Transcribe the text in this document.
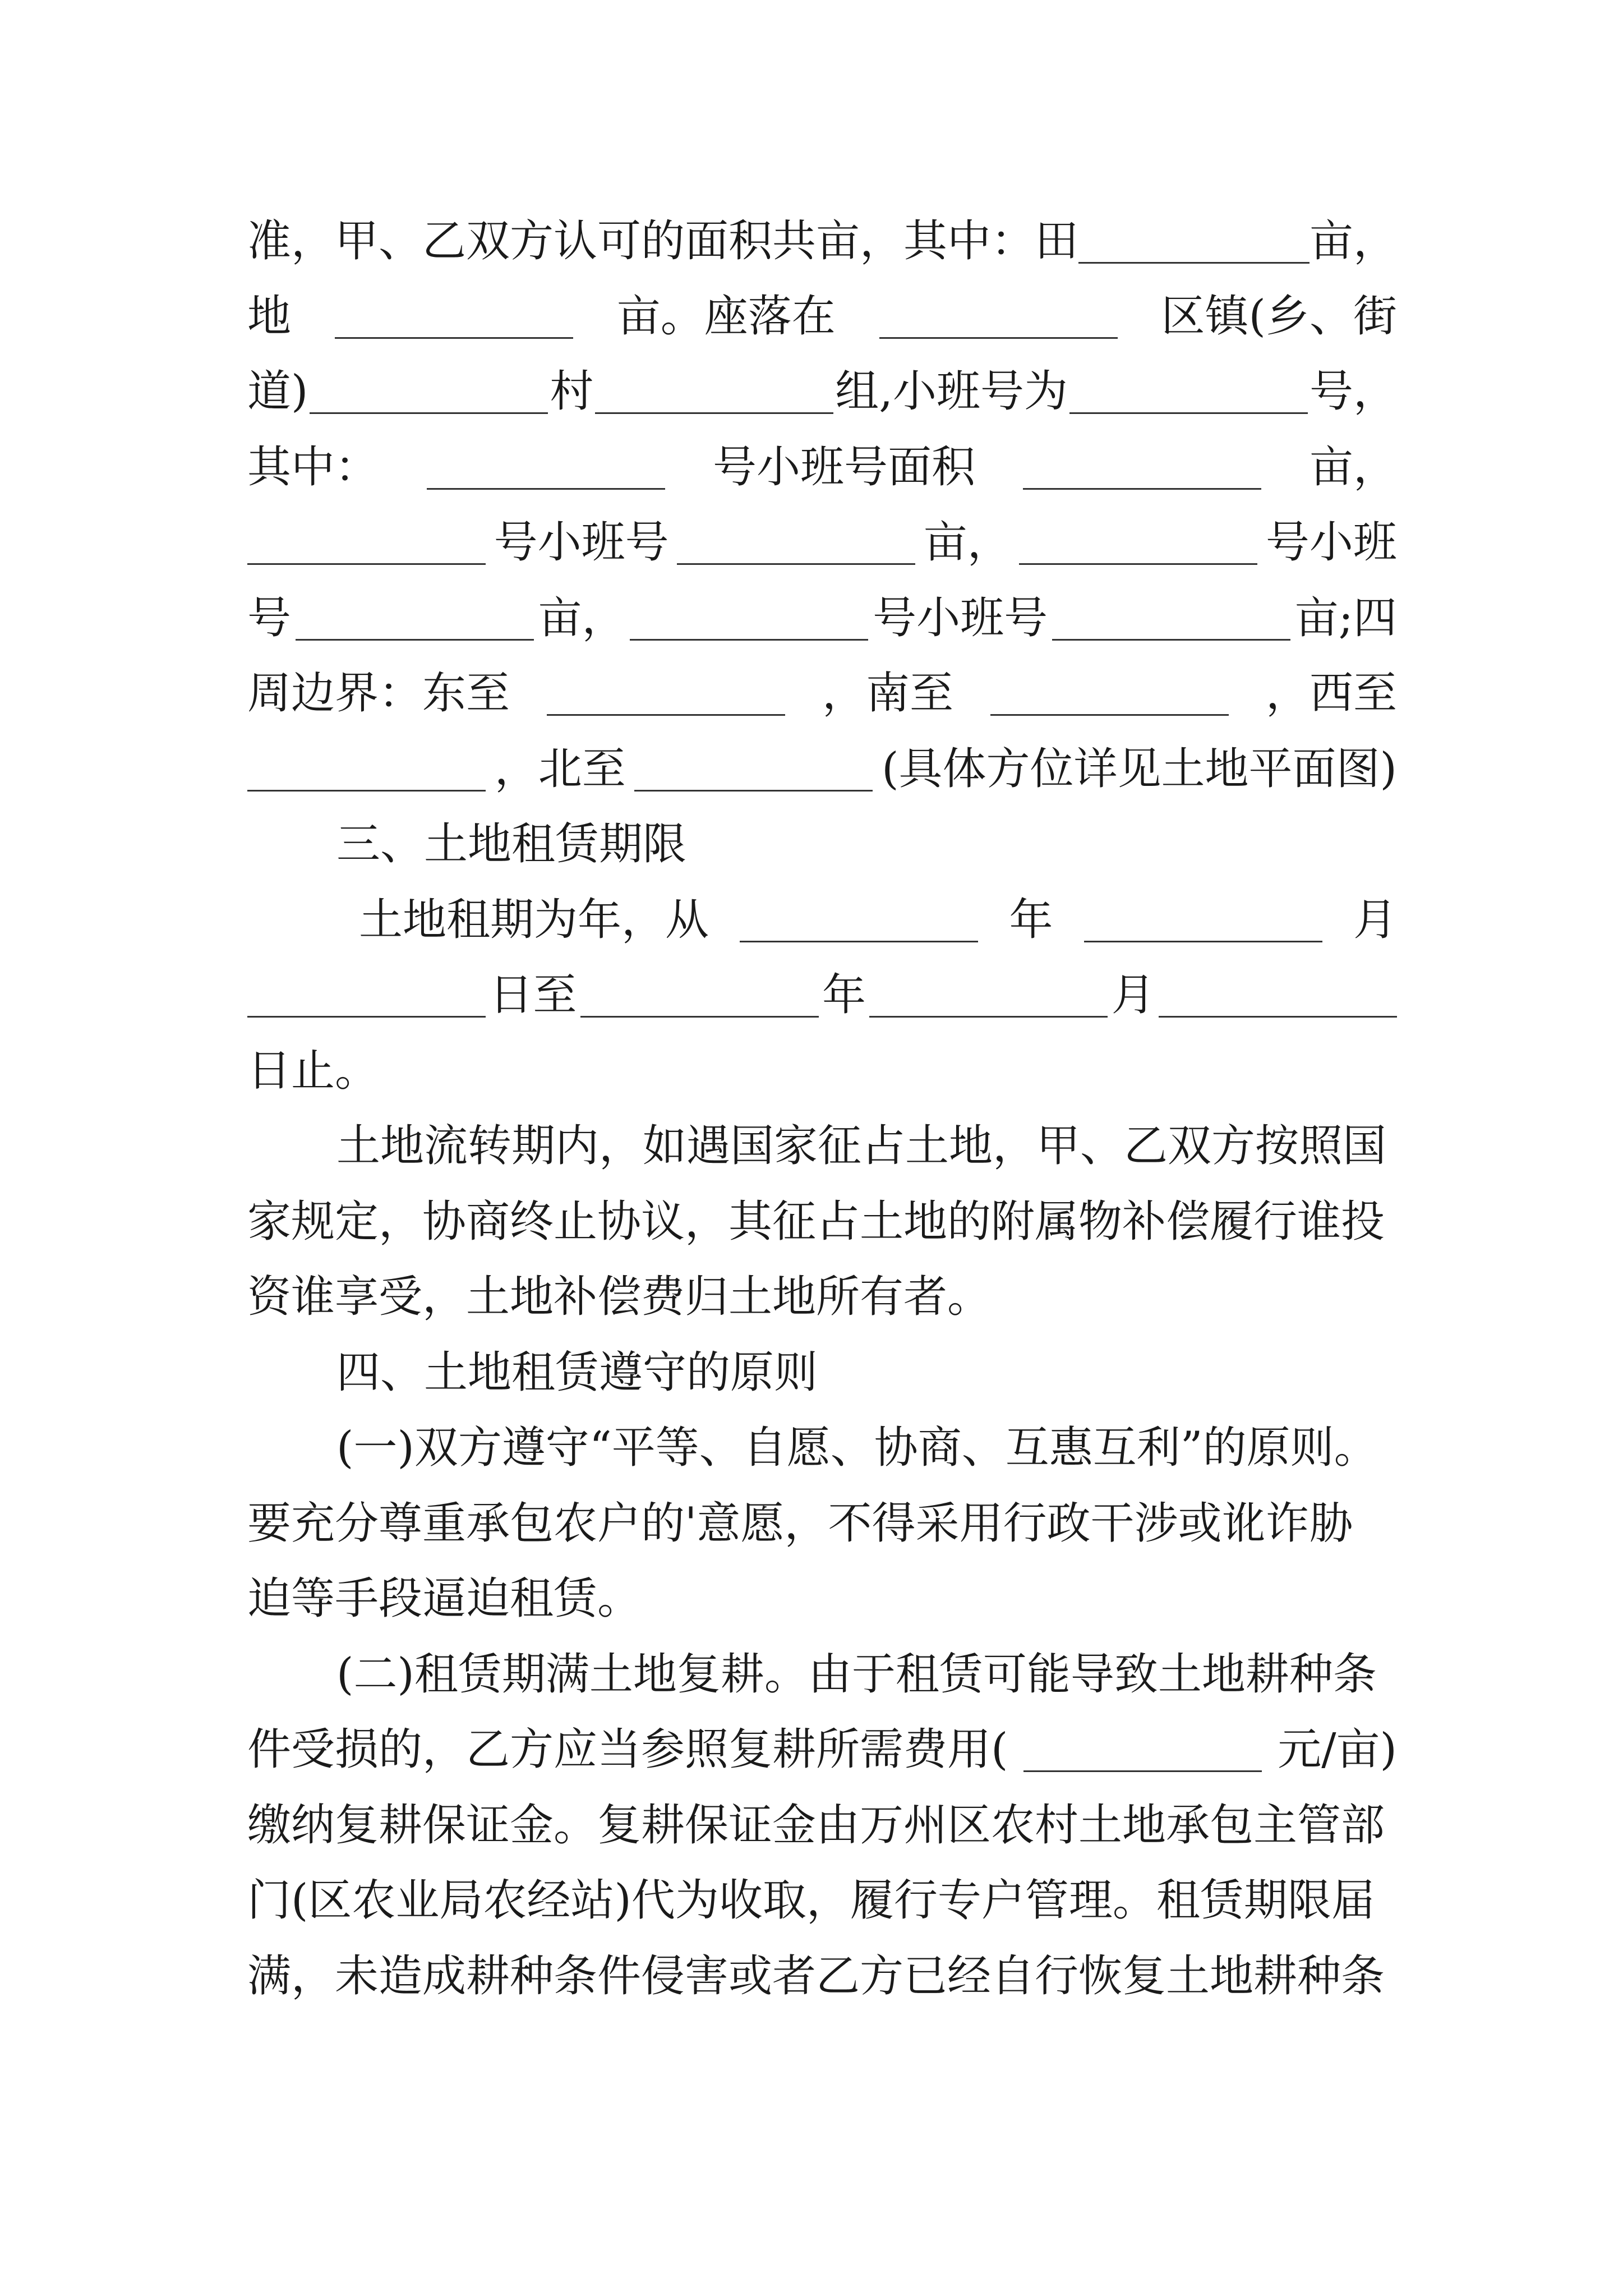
准，甲、乙双方认可的面积共亩，其中：田	亩，
地	亩。座落在	区镇(乡、街
道)	村	组,小班号为	号，
其中：	号小班号面积	亩，
号小班号	亩，	号小班
号	亩，	号小班号	亩;四
周边界：东至	，南至	，西至
，北至	(具体方位详见土地平面图)
三、土地租赁期限
土地租期为年，从	年	月
日至	年	月
日止。
土地流转期内，如遇国家征占土地，甲、乙双方按照国
家规定，协商终止协议，其征占土地的附属物补偿履行谁投
资谁享受，土地补偿费归土地所有者。
四、土地租赁遵守的原则
(一)双方遵守“平等、自愿、协商、互惠互利”的原则。
要充分尊重承包农户的'意愿，不得采用行政干涉或讹诈胁
迫等手段逼迫租赁。
(二)租赁期满土地复耕。由于租赁可能导致土地耕种条
件受损的，乙方应当参照复耕所需费用(	元/亩)
缴纳复耕保证金。复耕保证金由万州区农村土地承包主管部
门(区农业局农经站)代为收取，履行专户管理。租赁期限届
满，未造成耕种条件侵害或者乙方已经自行恢复土地耕种条
